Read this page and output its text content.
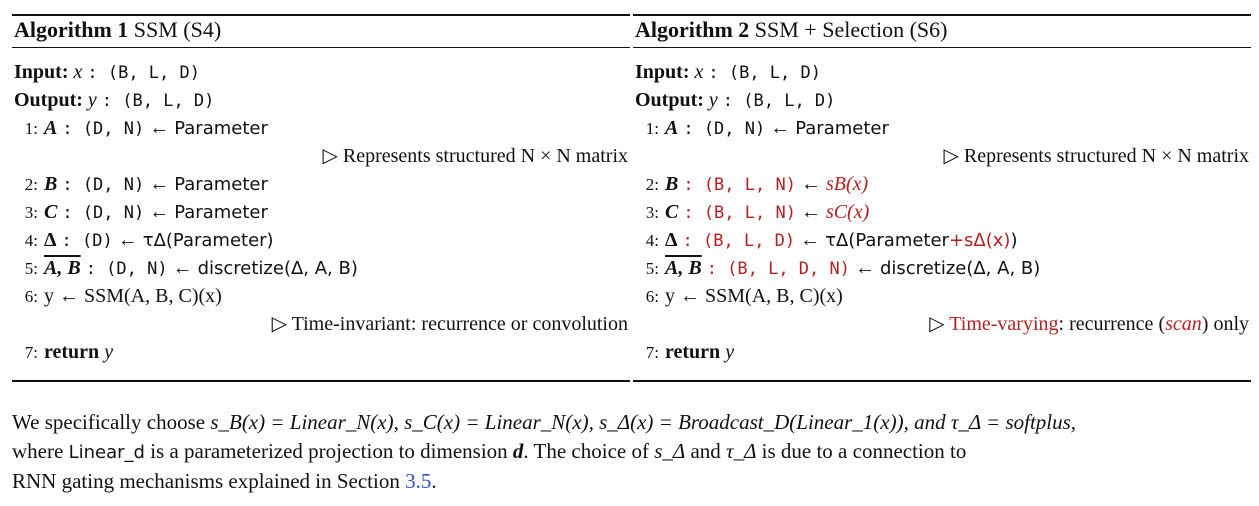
Algorithm 1 SSM (S4)
Input: x : (B, L, D)
Output: y : (B, L, D)
1: A : (D, N) ← Parameter
▷ Represents structured N × N matrix
2: B : (D, N) ← Parameter
3: C : (D, N) ← Parameter
4: Δ : (D) ← τΔ(Parameter)
5: A, B : (D, N) ← discretize(Δ, A, B)
6: y ← SSM(A, B, C)(x)
▷ Time-invariant: recurrence or convolution
7: return y
Algorithm 2 SSM + Selection (S6)
Input: x : (B, L, D)
Output: y : (B, L, D)
1: A : (D, N) ← Parameter
▷ Represents structured N × N matrix
2: B : (B, L, N) ← sB(x)
3: C : (B, L, N) ← sC(x)
4: Δ : (B, L, D) ← τΔ(Parameter+sΔ(x))
5: A, B : (B, L, D, N) ← discretize(Δ, A, B)
6: y ← SSM(A, B, C)(x)
▷ Time-varying: recurrence (scan) only
7: return y
We specifically choose s_B(x) = Linear_N(x), s_C(x) = Linear_N(x), s_Δ(x) = Broadcast_D(Linear_1(x)), and τ_Δ = softplus,
where Linear_d is a parameterized projection to dimension d. The choice of s_Δ and τ_Δ is due to a connection to
RNN gating mechanisms explained in Section 3.5.
